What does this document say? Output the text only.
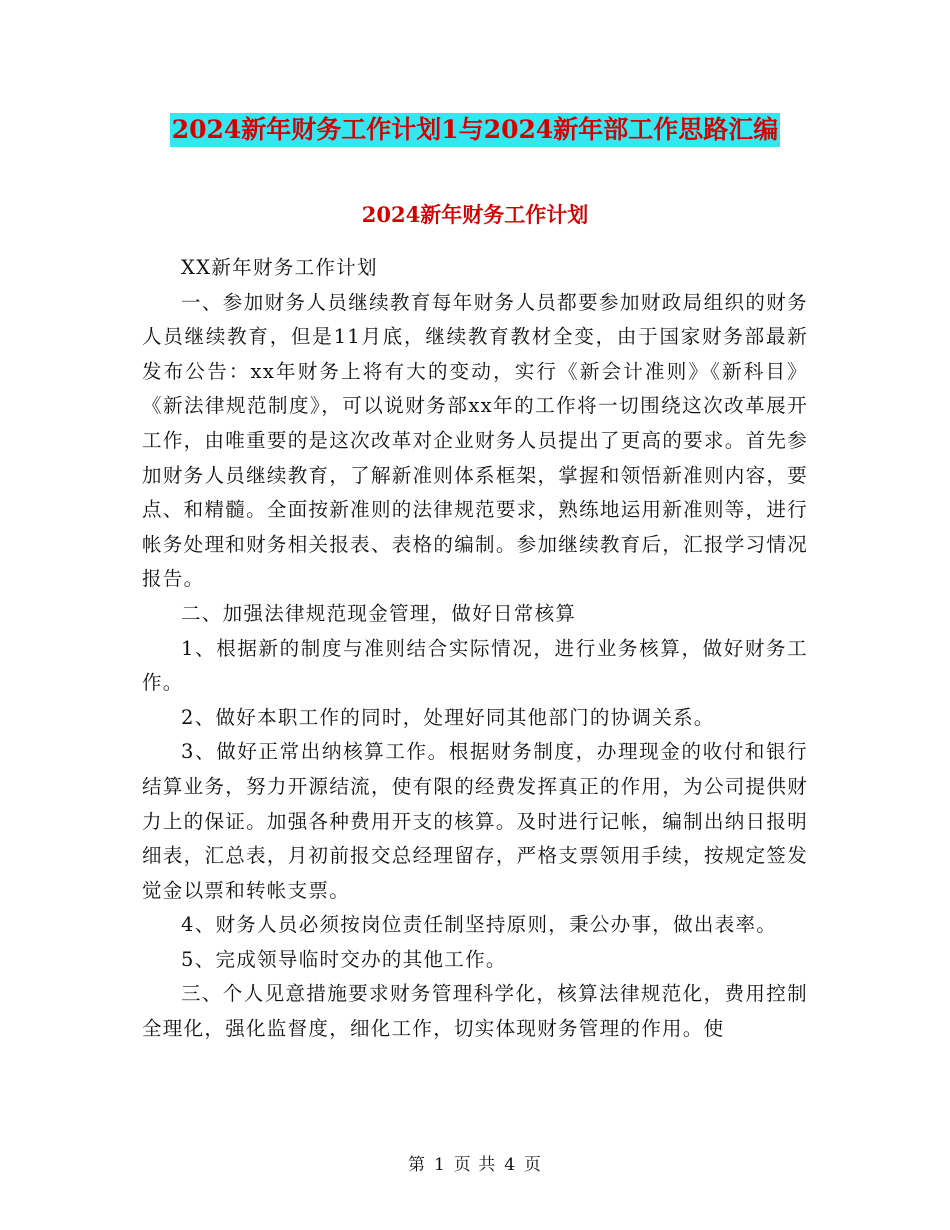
2024新年财务工作计划1与2024新年部工作思路汇编
2024新年财务工作计划

XX新年财务工作计划

一、参加财务人员继续教育每年财务人员都要参加财政局组织的财务人员继续教育，但是11月底，继续教育教材全变，由于国家财务部最新发布公告：xx年财务上将有大的变动，实行《新会计准则》《新科目》《新法律规范制度》，可以说财务部xx年的工作将一切围绕这次改革展开工作，由唯重要的是这次改革对企业财务人员提出了更高的要求。首先参加财务人员继续教育，了解新准则体系框架，掌握和领悟新准则内容，要点、和精髓。全面按新准则的法律规范要求，熟练地运用新准则等，进行帐务处理和财务相关报表、表格的编制。参加继续教育后，汇报学习情况报告。

二、加强法律规范现金管理，做好日常核算

1、根据新的制度与准则结合实际情况，进行业务核算，做好财务工作。

2、做好本职工作的同时，处理好同其他部门的协调关系。

3、做好正常出纳核算工作。根据财务制度，办理现金的收付和银行结算业务，努力开源结流，使有限的经费发挥真正的作用，为公司提供财力上的保证。加强各种费用开支的核算。及时进行记帐，编制出纳日报明细表，汇总表，月初前报交总经理留存，严格支票领用手续，按规定签发觉金以票和转帐支票。

4、财务人员必须按岗位责任制坚持原则，秉公办事，做出表率。

5、完成领导临时交办的其他工作。

三、个人见意措施要求财务管理科学化，核算法律规范化，费用控制全理化，强化监督度，细化工作，切实体现财务管理的作用。使

第 1 页 共 4 页
